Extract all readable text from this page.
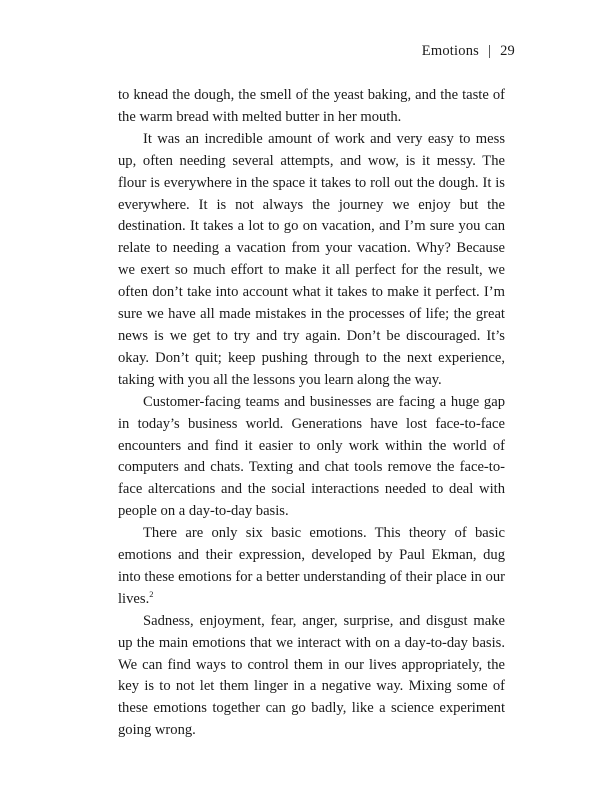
Emotions | 29

to knead the dough, the smell of the yeast baking, and the taste of the warm bread with melted butter in her mouth.

It was an incredible amount of work and very easy to mess up, often needing several attempts, and wow, is it messy. The flour is everywhere in the space it takes to roll out the dough. It is everywhere. It is not always the journey we enjoy but the destination. It takes a lot to go on vacation, and I’m sure you can relate to needing a vacation from your vacation. Why? Because we exert so much effort to make it all perfect for the result, we often don’t take into account what it takes to make it perfect. I’m sure we have all made mistakes in the processes of life; the great news is we get to try and try again. Don’t be discouraged. It’s okay. Don’t quit; keep pushing through to the next experience, taking with you all the lessons you learn along the way.

Customer-facing teams and businesses are facing a huge gap in today’s business world. Generations have lost face-to-face encounters and find it easier to only work within the world of computers and chats. Texting and chat tools remove the face-to-face altercations and the social interactions needed to deal with people on a day-to-day basis.

There are only six basic emotions. This theory of basic emotions and their expression, developed by Paul Ekman, dug into these emotions for a better understanding of their place in our lives.$^2$

Sadness, enjoyment, fear, anger, surprise, and disgust make up the main emotions that we interact with on a day-to-day basis. We can find ways to control them in our lives appropriately, the key is to not let them linger in a negative way. Mixing some of these emotions together can go badly, like a science experiment going wrong.
